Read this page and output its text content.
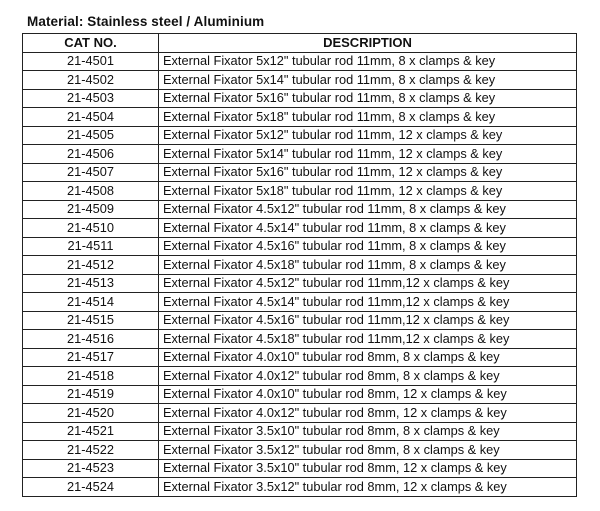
Material: Stainless steel / Aluminium
CAT NO.	DESCRIPTION
21-4501	External Fixator 5x12" tubular rod 11mm, 8 x clamps & key
21-4502	External Fixator 5x14" tubular rod 11mm, 8 x clamps & key
21-4503	External Fixator 5x16" tubular rod 11mm, 8 x clamps & key
21-4504	External Fixator 5x18" tubular rod 11mm, 8 x clamps & key
21-4505	External Fixator 5x12" tubular rod 11mm, 12 x clamps & key
21-4506	External Fixator 5x14" tubular rod 11mm, 12 x clamps & key
21-4507	External Fixator 5x16" tubular rod 11mm, 12 x clamps & key
21-4508	External Fixator 5x18" tubular rod 11mm, 12 x clamps & key
21-4509	External Fixator 4.5x12" tubular rod 11mm, 8 x clamps & key
21-4510	External Fixator 4.5x14" tubular rod 11mm, 8 x clamps & key
21-4511	External Fixator 4.5x16" tubular rod 11mm, 8 x clamps & key
21-4512	External Fixator 4.5x18" tubular rod 11mm, 8 x clamps & key
21-4513	External Fixator 4.5x12" tubular rod 11mm,12 x clamps & key
21-4514	External Fixator 4.5x14" tubular rod 11mm,12 x clamps & key
21-4515	External Fixator 4.5x16" tubular rod 11mm,12 x clamps & key
21-4516	External Fixator 4.5x18" tubular rod 11mm,12 x clamps & key
21-4517	External Fixator 4.0x10" tubular rod 8mm, 8 x clamps & key
21-4518	External Fixator 4.0x12" tubular rod 8mm, 8 x clamps & key
21-4519	External Fixator 4.0x10" tubular rod 8mm, 12 x clamps & key
21-4520	External Fixator 4.0x12" tubular rod 8mm, 12 x clamps & key
21-4521	External Fixator 3.5x10" tubular rod 8mm, 8 x clamps & key
21-4522	External Fixator 3.5x12" tubular rod 8mm, 8 x clamps & key
21-4523	External Fixator 3.5x10" tubular rod 8mm, 12 x clamps & key
21-4524	External Fixator 3.5x12" tubular rod 8mm, 12 x clamps & key
